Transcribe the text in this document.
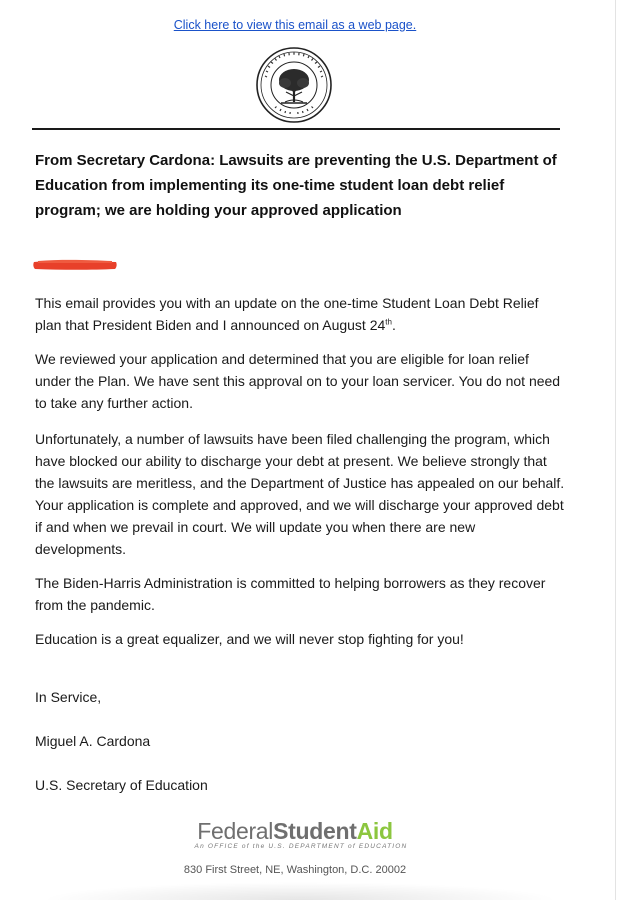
Click here to view this email as a web page.
From Secretary Cardona: Lawsuits are preventing the U.S. Department of Education from implementing its one-time student loan debt relief program; we are holding your approved application

This email provides you with an update on the one-time Student Loan Debt Relief plan that President Biden and I announced on August 24th.

We reviewed your application and determined that you are eligible for loan relief under the Plan. We have sent this approval on to your loan servicer. You do not need to take any further action.

Unfortunately, a number of lawsuits have been filed challenging the program, which have blocked our ability to discharge your debt at present. We believe strongly that the lawsuits are meritless, and the Department of Justice has appealed on our behalf. Your application is complete and approved, and we will discharge your approved debt if and when we prevail in court. We will update you when there are new developments.

The Biden-Harris Administration is committed to helping borrowers as they recover from the pandemic.

Education is a great equalizer, and we will never stop fighting for you!

In Service,

Miguel A. Cardona

U.S. Secretary of Education

FederalStudentAid
An OFFICE of the U.S. DEPARTMENT of EDUCATION
830 First Street, NE, Washington, D.C. 20002
